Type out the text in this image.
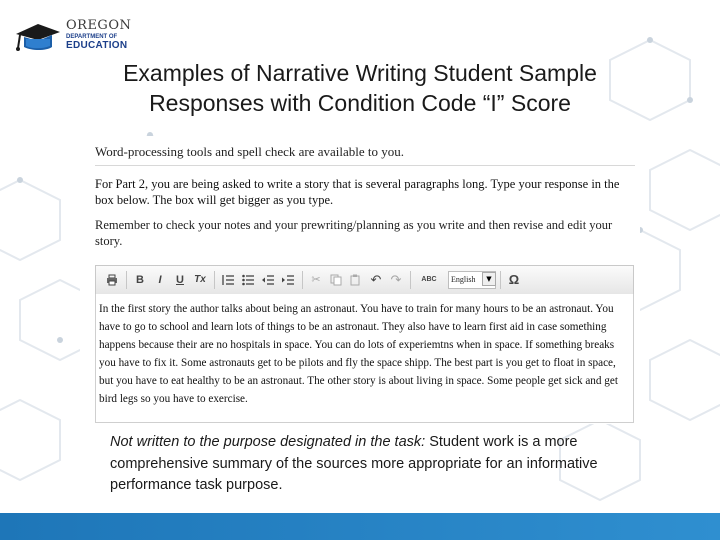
OREGON
DEPARTMENT OF
EDUCATION
Examples of Narrative Writing Student Sample
Responses with Condition Code “I” Score
Word-processing tools and spell check are available to you.
For Part 2, you are being asked to write a story that is several paragraphs long. Type your response in the box below. The box will get bigger as you type.
Remember to check your notes and your prewriting/planning as you write and then revise and edit your story.
B	I	U	Tx	✂	↶ ↷	ABC	English	▼	Ω
In the first story the author talks about being an astronaut. You have to train for many hours to be an astronaut. You have to go to school and learn lots of things to be an astronaut. They also have to learn first aid in case something happens because their are no hospitals in space. You can do lots of experiemtns when in space. If something breaks you have to fix it. Some astronauts get to be pilots and fly the space shipp. The best part is you get to float in space, but you have to eat healthy to be an astronaut. The other story is about living in space. Some people get sick and get bird legs so you have to exercise.
Not written to the purpose designated in the task: Student work is a more comprehensive summary of the sources more appropriate for an informative performance task purpose.
